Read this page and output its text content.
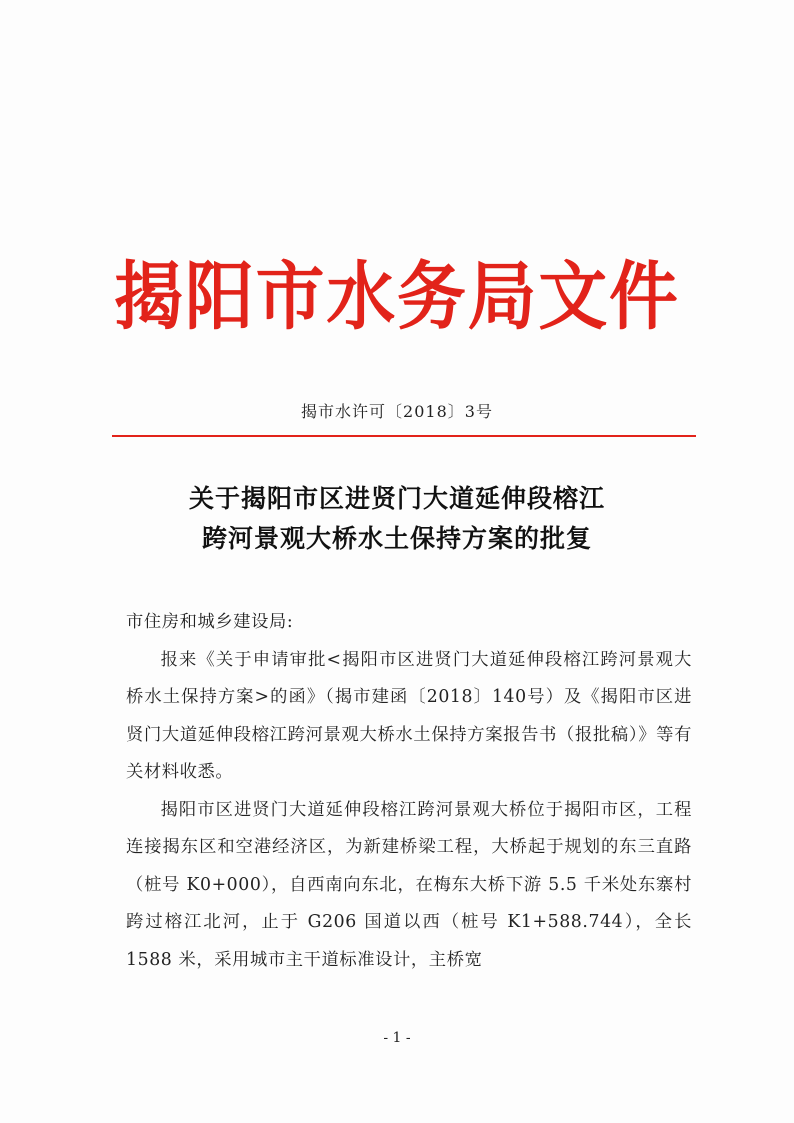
揭阳市水务局文件
揭市水许可〔2018〕3号
关于揭阳市区进贤门大道延伸段榕江
跨河景观大桥水土保持方案的批复

市住房和城乡建设局:

报来《关于申请审批<揭阳市区进贤门大道延伸段榕江跨河景观大桥水土保持方案>的函》（揭市建函〔2018〕140号）及《揭阳市区进贤门大道延伸段榕江跨河景观大桥水土保持方案报告书（报批稿）》等有关材料收悉。

揭阳市区进贤门大道延伸段榕江跨河景观大桥位于揭阳市区，工程连接揭东区和空港经济区，为新建桥梁工程，大桥起于规划的东三直路（桩号 K0+000），自西南向东北，在梅东大桥下游 5.5 千米处东寨村跨过榕江北河，止于 G206 国道以西（桩号 K1+588.744），全长 1588 米，采用城市主干道标准设计，主桥宽

- 1 -
